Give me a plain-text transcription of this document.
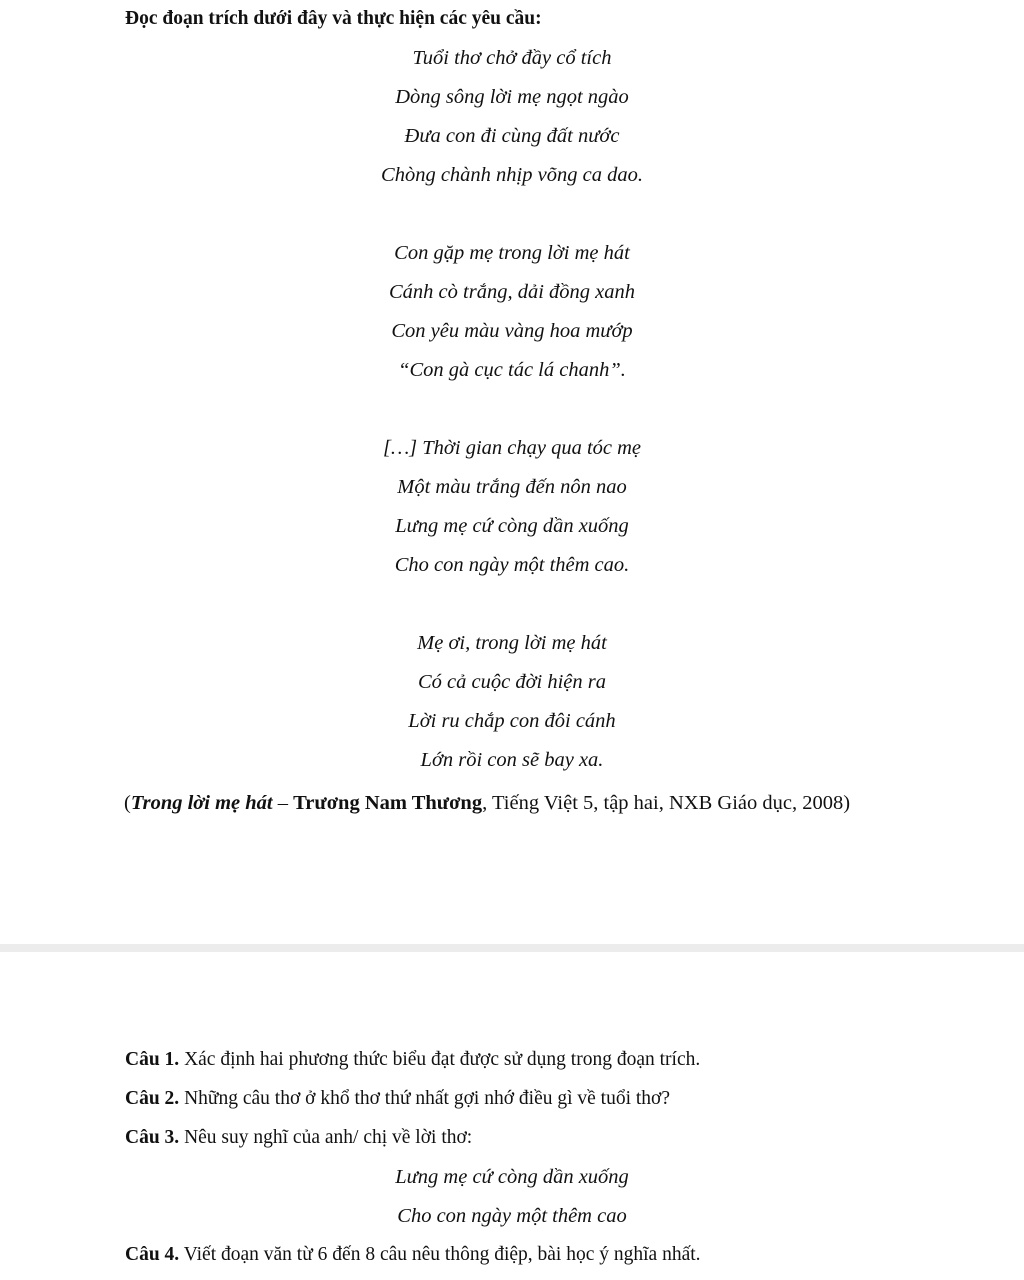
Đọc đoạn trích dưới đây và thực hiện các yêu cầu:

Tuổi thơ chở đầy cổ tích

Dòng sông lời mẹ ngọt ngào

Đưa con đi cùng đất nước

Chòng chành nhịp võng ca dao.

Con gặp mẹ trong lời mẹ hát

Cánh cò trắng, dải đồng xanh

Con yêu màu vàng hoa mướp

“Con gà cục tác lá chanh”.

[…] Thời gian chạy qua tóc mẹ

Một màu trắng đến nôn nao

Lưng mẹ cứ còng dần xuống

Cho con ngày một thêm cao.

Mẹ ơi, trong lời mẹ hát

Có cả cuộc đời hiện ra

Lời ru chắp con đôi cánh

Lớn rồi con sẽ bay xa.

(Trong lời mẹ hát – Trương Nam Thương, Tiếng Việt 5, tập hai, NXB Giáo dục, 2008)

Câu 1. Xác định hai phương thức biểu đạt được sử dụng trong đoạn trích.

Câu 2. Những câu thơ ở khổ thơ thứ nhất gợi nhớ điều gì về tuổi thơ?

Câu 3. Nêu suy nghĩ của anh/ chị về lời thơ:

Lưng mẹ cứ còng dần xuống

Cho con ngày một thêm cao

Câu 4. Viết đoạn văn từ 6 đến 8 câu nêu thông điệp, bài học ý nghĩa nhất.
